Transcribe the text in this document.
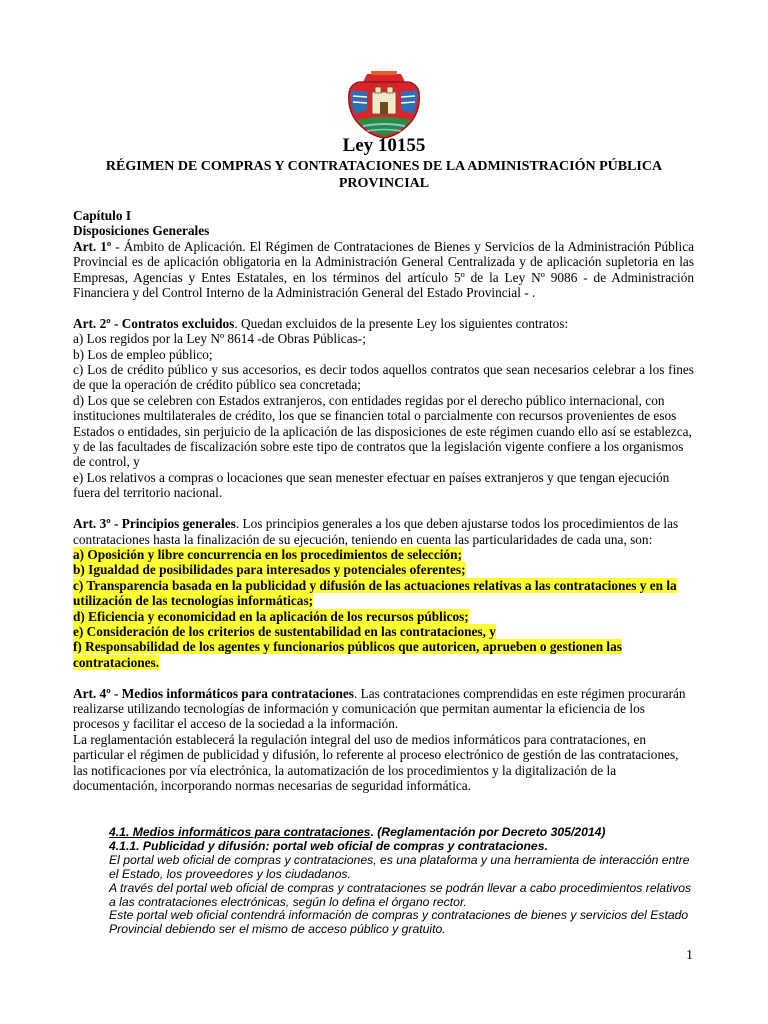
Ley 10155
RÉGIMEN DE COMPRAS Y CONTRATACIONES DE LA ADMINISTRACIÓN PÚBLICA PROVINCIAL

Capítulo I

Disposiciones Generales

Art. 1º - Ámbito de Aplicación. El Régimen de Contrataciones de Bienes y Servicios de la Administración Pública Provincial es de aplicación obligatoria en la Administración General Centralizada y de aplicación supletoria en las Empresas, Agencias y Entes Estatales, en los términos del artículo 5º de la Ley Nº 9086 - de Administración Financiera y del Control Interno de la Administración General del Estado Provincial - .

Art. 2º - Contratos excluidos. Quedan excluidos de la presente Ley los siguientes contratos:

a) Los regidos por la Ley Nº 8614 -de Obras Públicas-;

b) Los de empleo público;

c) Los de crédito público y sus accesorios, es decir todos aquellos contratos que sean necesarios celebrar a los fines de que la operación de crédito público sea concretada;

d) Los que se celebren con Estados extranjeros, con entidades regidas por el derecho público internacional, con instituciones multilaterales de crédito, los que se financien total o parcialmente con recursos provenientes de esos Estados o entidades, sin perjuicio de la aplicación de las disposiciones de este régimen cuando ello así se establezca, y de las facultades de fiscalización sobre este tipo de contratos que la legislación vigente confiere a los organismos de control, y

e) Los relativos a compras o locaciones que sean menester efectuar en países extranjeros y que tengan ejecución fuera del territorio nacional.

Art. 3º - Principios generales. Los principios generales a los que deben ajustarse todos los procedimientos de las contrataciones hasta la finalización de su ejecución, teniendo en cuenta las particularidades de cada una, son:

a) Oposición y libre concurrencia en los procedimientos de selección;

b) Igualdad de posibilidades para interesados y potenciales oferentes;

c) Transparencia basada en la publicidad y difusión de las actuaciones relativas a las contrataciones y en la utilización de las tecnologías informáticas;

d) Eficiencia y economicidad en la aplicación de los recursos públicos;

e) Consideración de los criterios de sustentabilidad en las contrataciones, y

f) Responsabilidad de los agentes y funcionarios públicos que autoricen, aprueben o gestionen las contrataciones.

Art. 4º - Medios informáticos para contrataciones. Las contrataciones comprendidas en este régimen procurarán realizarse utilizando tecnologías de información y comunicación que permitan aumentar la eficiencia de los procesos y facilitar el acceso de la sociedad a la información.

La reglamentación establecerá la regulación integral del uso de medios informáticos para contrataciones, en particular el régimen de publicidad y difusión, lo referente al proceso electrónico de gestión de las contrataciones, las notificaciones por vía electrónica, la automatización de los procedimientos y la digitalización de la documentación, incorporando normas necesarias de seguridad informática.

4.1. Medios informáticos para contrataciones. (Reglamentación por Decreto 305/2014)

4.1.1. Publicidad y difusión: portal web oficial de compras y contrataciones.

El portal web oficial de compras y contrataciones, es una plataforma y una herramienta de interacción entre el Estado, los proveedores y los ciudadanos.

A través del portal web oficial de compras y contrataciones se podrán llevar a cabo procedimientos relativos a las contrataciones electrónicas, según lo defina el órgano rector.

Este portal web oficial contendrá información de compras y contrataciones de bienes y servicios del Estado Provincial debiendo ser el mismo de acceso público y gratuito.

1
